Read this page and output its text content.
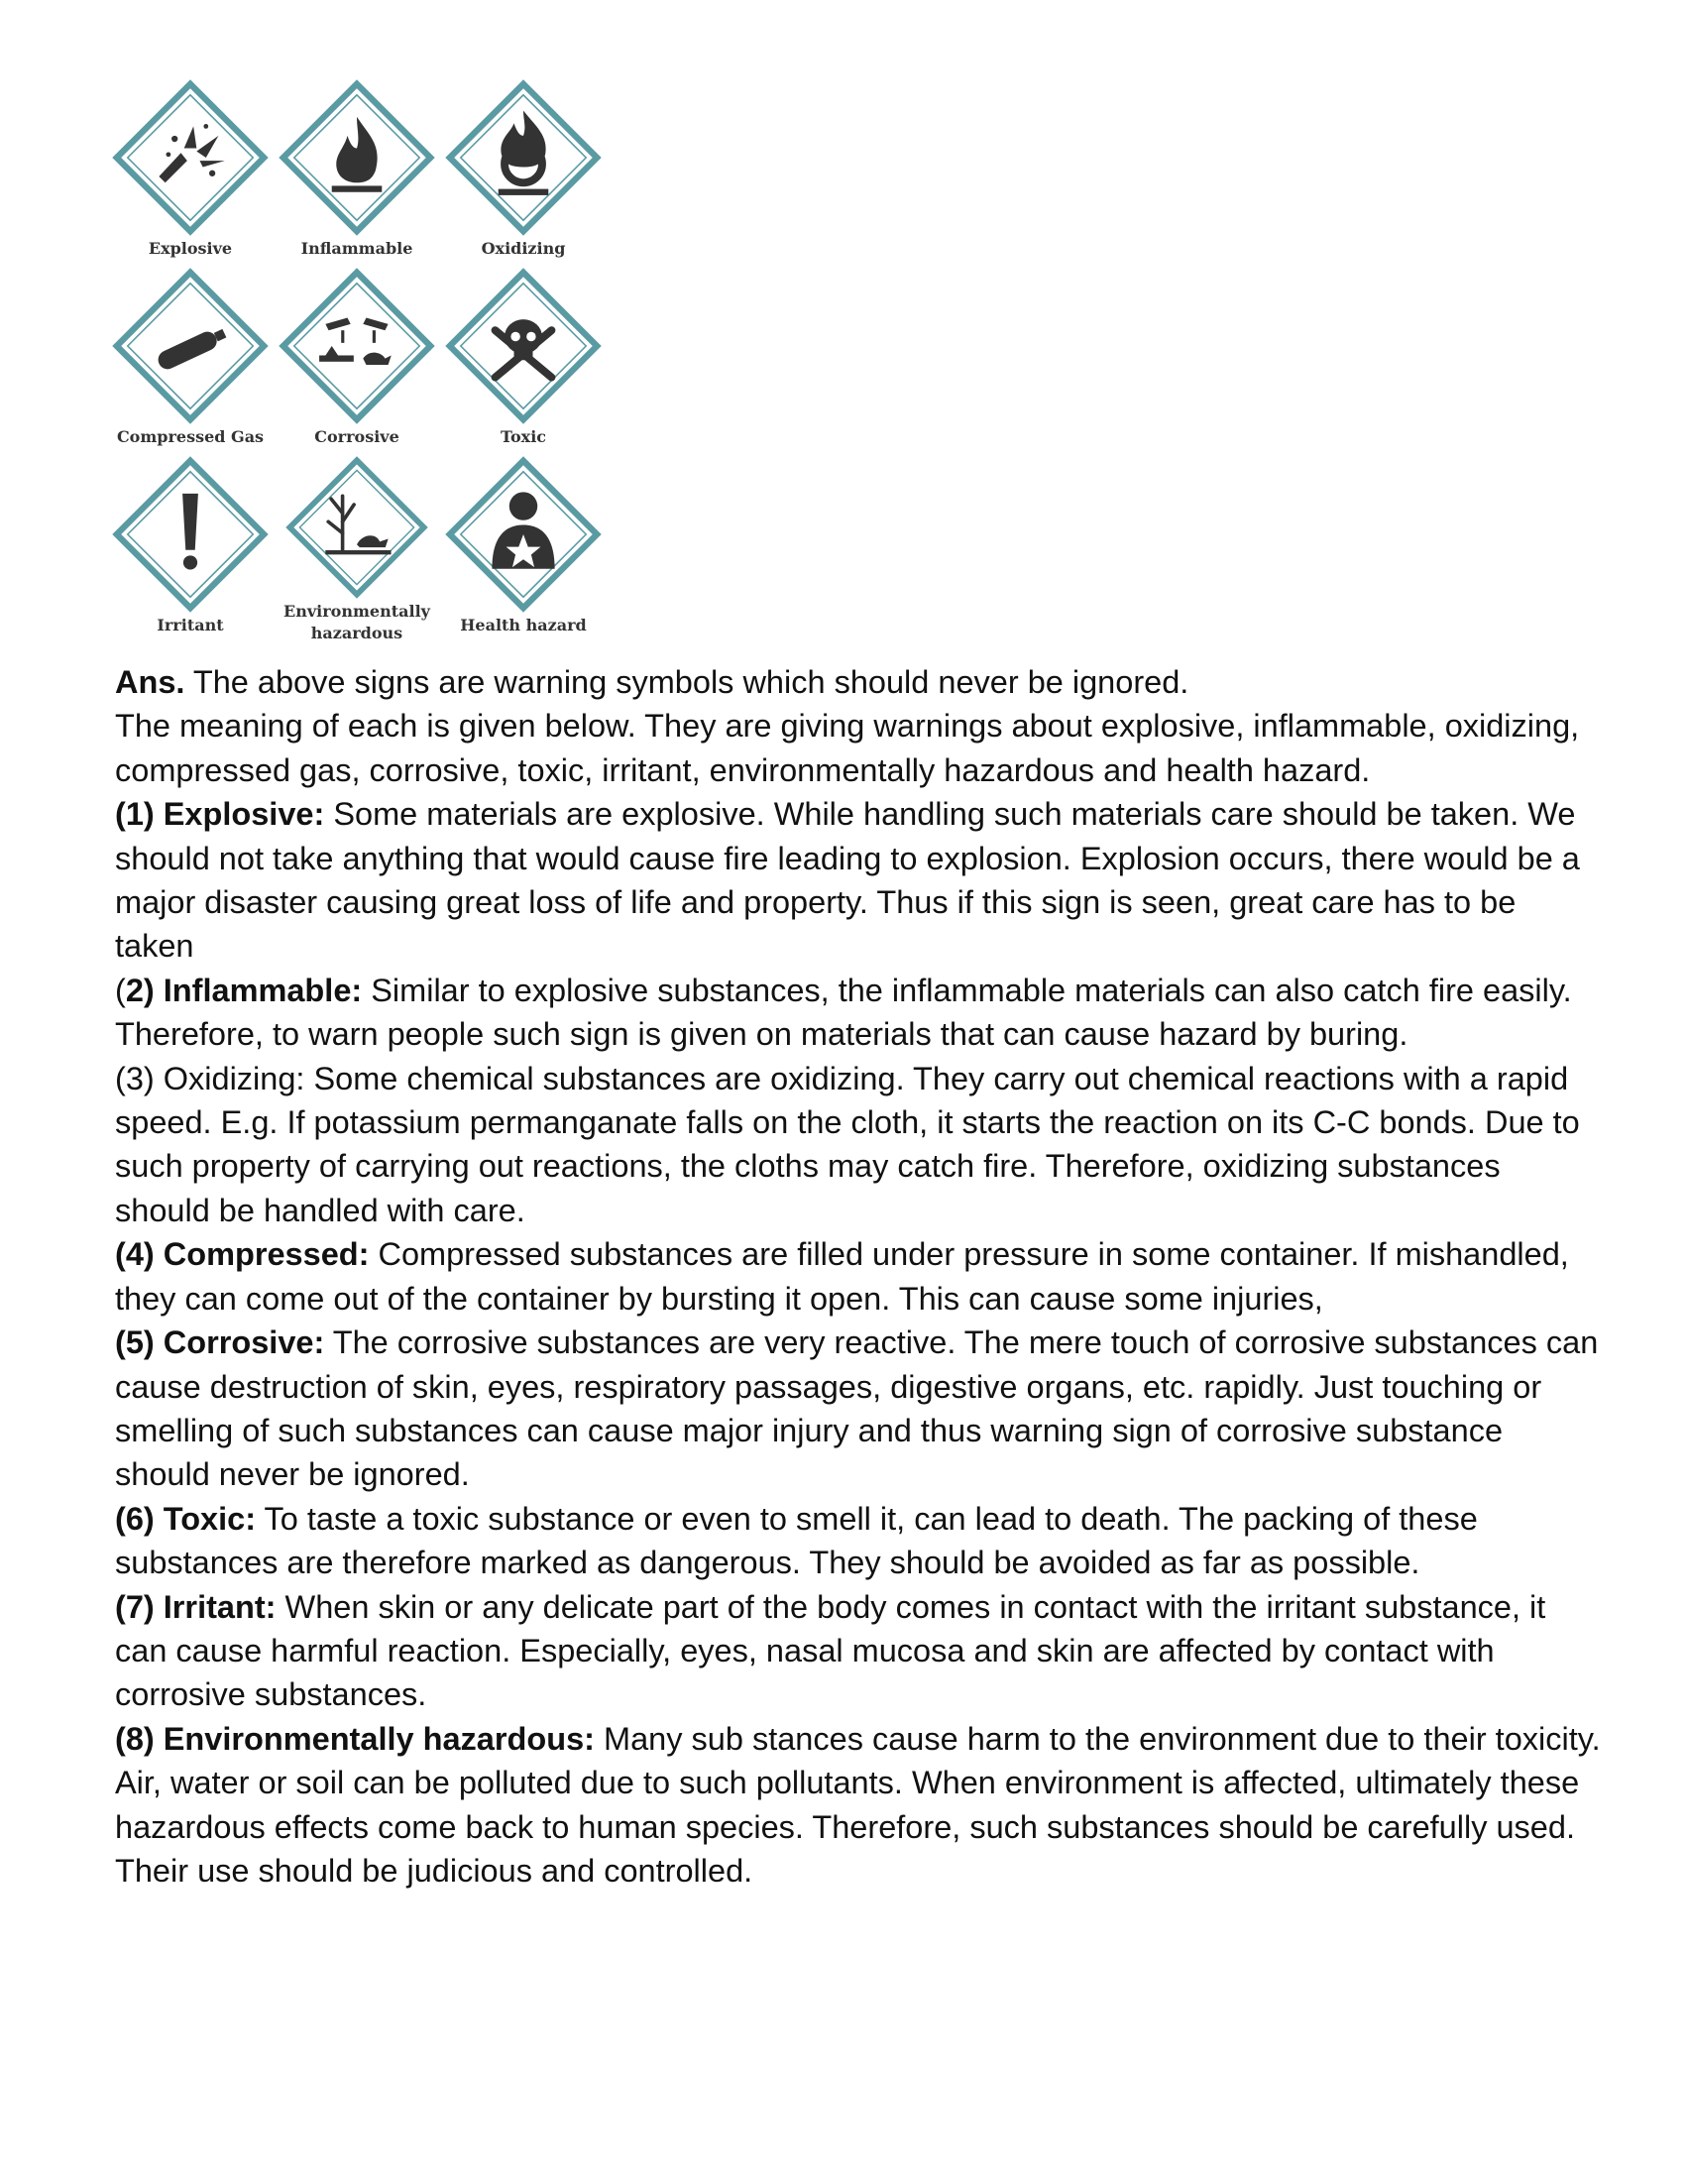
Explosive	Inflammable	Oxidizing
Compressed Gas	Corrosive	Toxic
Irritant
Environmentally hazardous	Health hazard

Ans. The above signs are warning symbols which should never be ignored.

The meaning of each is given below. They are giving warnings about explosive, inflammable, oxidizing, compressed gas, corrosive, toxic, irritant, environmentally hazardous and health hazard.

(1) Explosive: Some materials are explosive. While handling such materials care should be taken. We should not take anything that would cause fire leading to explosion. Explosion occurs, there would be a major disaster causing great loss of life and property. Thus if this sign is seen, great care has to be taken

(2) Inflammable: Similar to explosive substances, the inflammable materials can also catch fire easily. Therefore, to warn people such sign is given on materials that can cause hazard by buring.

(3) Oxidizing: Some chemical substances are oxidizing. They carry out chemical reactions with a rapid speed. E.g. If potassium permanganate falls on the cloth, it starts the reaction on its C-C bonds. Due to such property of carrying out reactions, the cloths may catch fire. Therefore, oxidizing substances should be handled with care.

(4) Compressed: Compressed substances are filled under pressure in some container. If mishandled, they can come out of the container by bursting it open. This can cause some injuries,

(5) Corrosive: The corrosive substances are very reactive. The mere touch of corrosive substances can cause destruction of skin, eyes, respiratory passages, digestive organs, etc. rapidly. Just touching or smelling of such substances can cause major injury and thus warning sign of corrosive substance should never be ignored.

(6) Toxic: To taste a toxic substance or even to smell it, can lead to death. The packing of these substances are therefore marked as dangerous. They should be avoided as far as possible.

(7) Irritant: When skin or any delicate part of the body comes in contact with the irritant substance, it can cause harmful reaction. Especially, eyes, nasal mucosa and skin are affected by contact with corrosive substances.

(8) Environmentally hazardous: Many sub stances cause harm to the environment due to their toxicity. Air, water or soil can be polluted due to such pollutants. When environment is affected, ultimately these hazardous effects come back to human species. Therefore, such substances should be carefully used. Their use should be judicious and controlled.
